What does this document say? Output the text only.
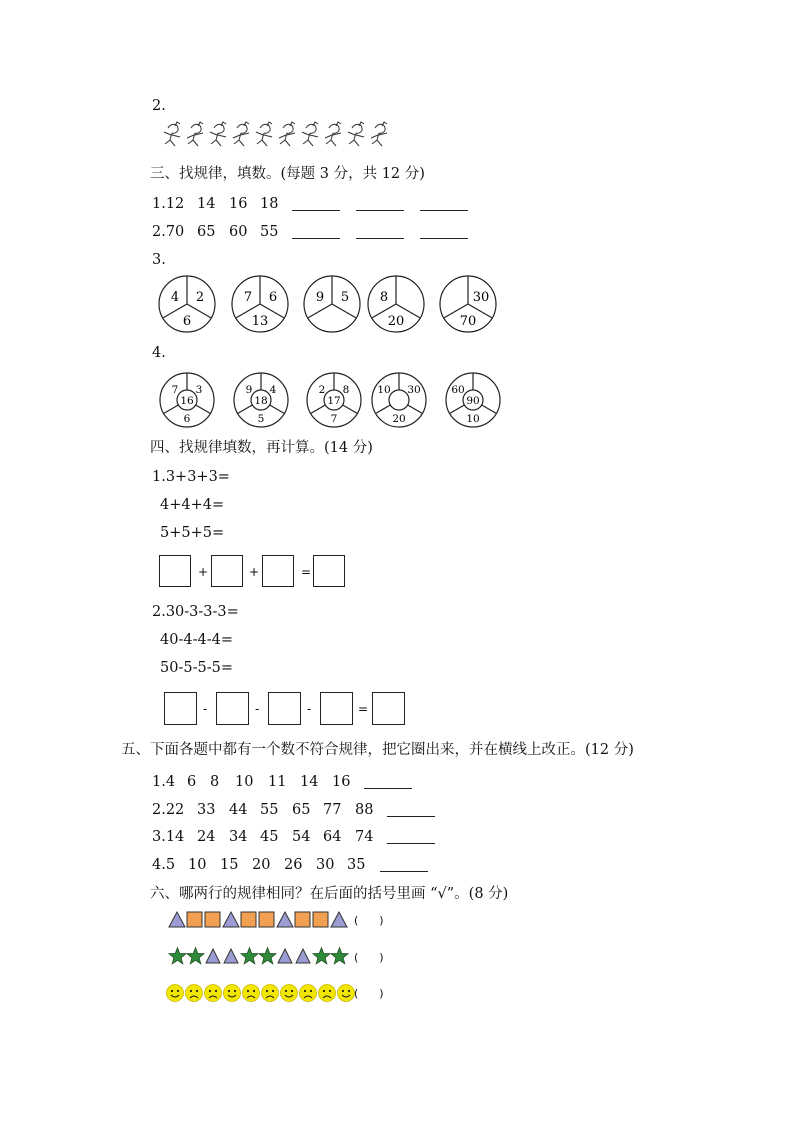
2.
三、找规律，填数。(每题 3 分，共 12 分)
1.12 14 16 18
2.70 65 60 55
3.
4 2
6
7 6
13
9 5 8
20
30
70
4.
7 3
16
6
9 4
18
5
2 8
17
7
10 30
20
60
90
10
四、找规律填数，再计算。(14 分)
1.3+3+3=
4+4+4=
5+5+5=
+	+	=
2.30-3-3-3=
40-4-4-4=
50-5-5-5=
-	-	-	=
五、下面各题中都有一个数不符合规律，把它圈出来，并在横线上改正。(12 分)
1.4 6 8 10 11 14 16
2.22 33 44 55 65 77 88
3.14 24 34 45 54 64 74
4.5 10 15 20 26 30 35
六、哪两行的规律相同？在后面的括号里画 “√”。(8 分)
(      )
(      )
(      )
